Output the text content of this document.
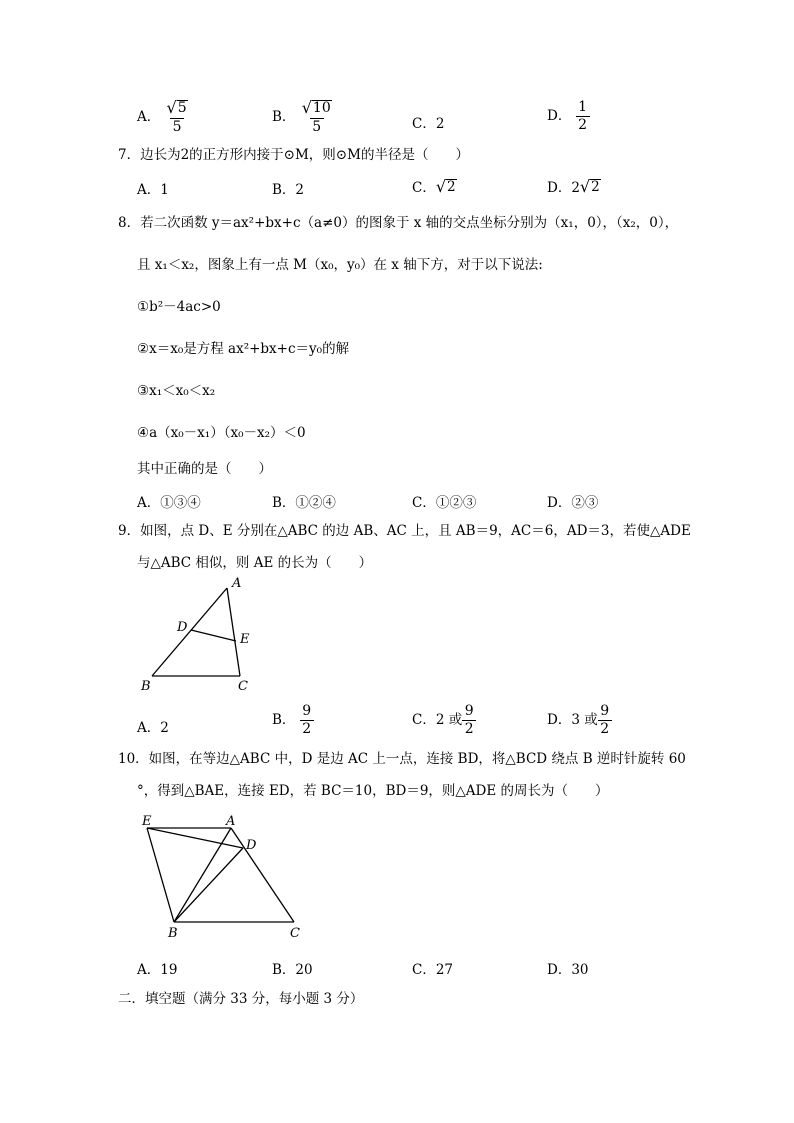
A． $\frac{√ 5}{5}$	B． $\frac{√ 10}{5}$	C．2	D． $\frac{1}{2}$
7．边长为2的正方形内接于⊙M，则⊙M的半径是（　　）
A．1	B．2	C． √ 2	D．2 √ 2
8．若二次函数 y＝ax²+bx+c（a≠0）的图象于 x 轴的交点坐标分别为（x₁，0），（x₂，0），
且 x₁＜x₂，图象上有一点 M（x₀，y₀）在 x 轴下方，对于以下说法:
①b²－4ac>0
②x＝x₀是方程 ax²+bx+c＝y₀的解
③x₁＜x₀＜x₂
④a（x₀－x₁）（x₀－x₂）＜0
其中正确的是（　　）
A．①③④	B．①②④	C．①②③	D．②③
9．如图，点 D、E 分别在△ABC 的边 AB、AC 上，且 AB＝9，AC＝6，AD＝3，若使△ADE
与△ABC 相似，则 AE 的长为（　　）
A
D
E
B	C
A．2	B． $\frac{9}{2}$	C．2 或 $\frac{9}{2}$	D．3 或 $\frac{9}{2}$
10．如图，在等边△ABC 中，D 是边 AC 上一点，连接 BD，将△BCD 绕点 B 逆时针旋转 60
°，得到△BAE，连接 ED，若 BC＝10，BD＝9，则△ADE 的周长为（　　）
E	A
D
B	C
A．19	B．20	C．27	D．30
二．填空题（满分 33 分，每小题 3 分）
